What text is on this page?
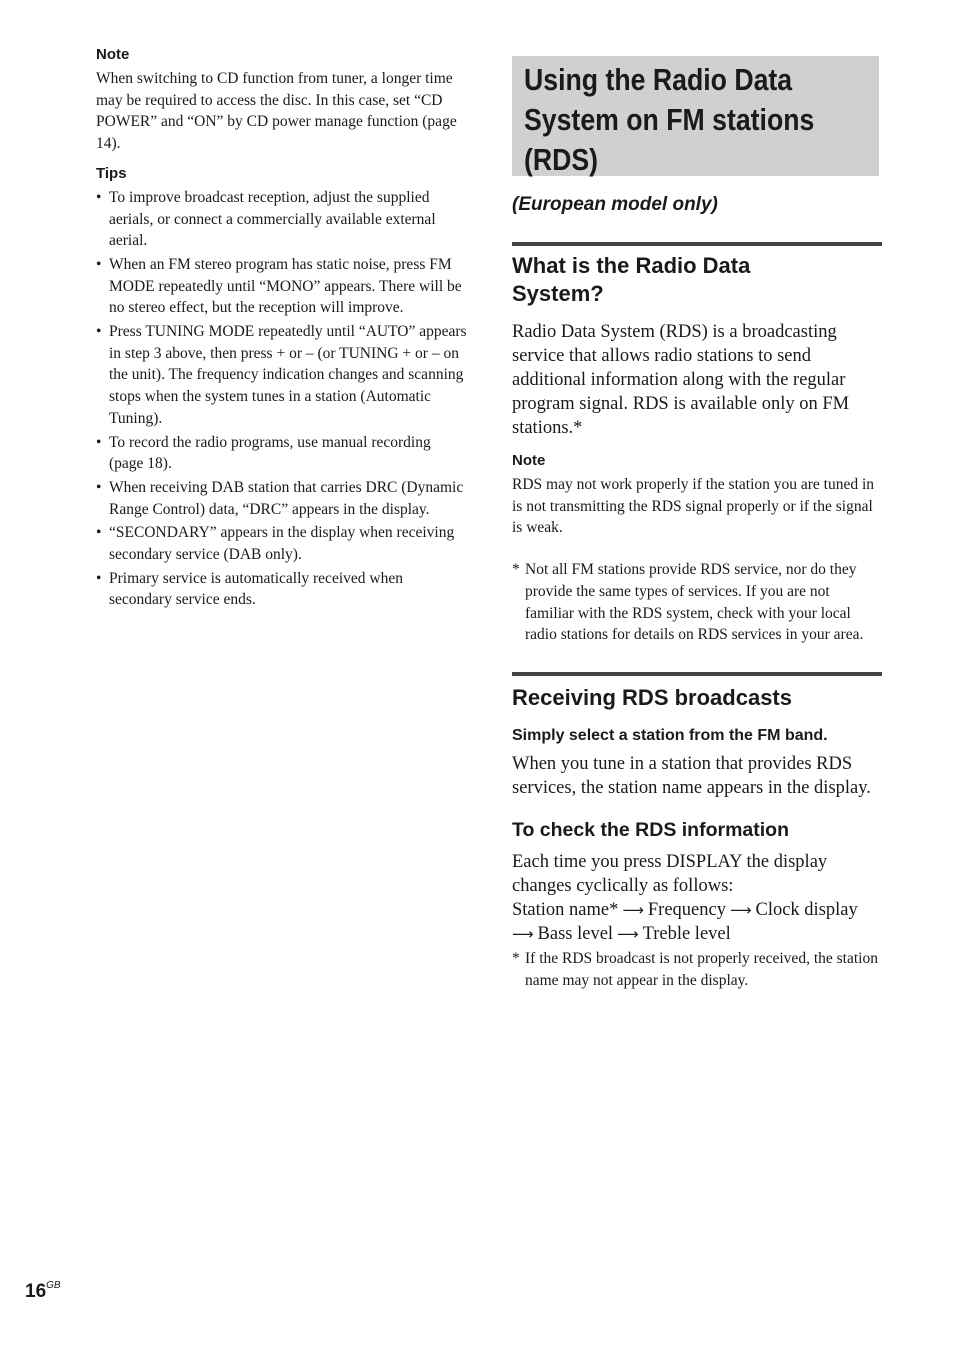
Note

When switching to CD function from tuner, a longer time may be required to access the disc. In this case, set “CD POWER” and “ON” by CD power manage function (page 14).

Tips

• To improve broadcast reception, adjust the supplied aerials, or connect a commercially available external aerial.
• When an FM stereo program has static noise, press FM MODE repeatedly until “MONO” appears. There will be no stereo effect, but the reception will improve.
• Press TUNING MODE repeatedly until “AUTO” appears in step 3 above, then press + or – (or TUNING + or – on the unit). The frequency indication changes and scanning stops when the system tunes in a station (Automatic Tuning).
• To record the radio programs, use manual recording (page 18).
• When receiving DAB station that carries DRC (Dynamic Range Control) data, “DRC” appears in the display.
• “SECONDARY” appears in the display when receiving secondary service (DAB only).
• Primary service is automatically received when secondary service ends.
Using the Radio Data
System on FM stations
(RDS)

(European model only)

What is the Radio Data
System?

Radio Data System (RDS) is a broadcasting service that allows radio stations to send additional information along with the regular program signal. RDS is available only on FM stations.*

Note

RDS may not work properly if the station you are tuned in is not transmitting the RDS signal properly or if the signal is weak.

* Not all FM stations provide RDS service, nor do they provide the same types of services. If you are not familiar with the RDS system, check with your local radio stations for details on RDS services in your area.

Receiving RDS broadcasts

Simply select a station from the FM band.

When you tune in a station that provides RDS services, the station name appears in the display.

To check the RDS information

Each time you press DISPLAY the display changes cyclically as follows:

Station name* ⟶ Frequency ⟶ Clock display
⟶ Bass level ⟶ Treble level

* If the RDS broadcast is not properly received, the station name may not appear in the display.

$16^{GB}$
